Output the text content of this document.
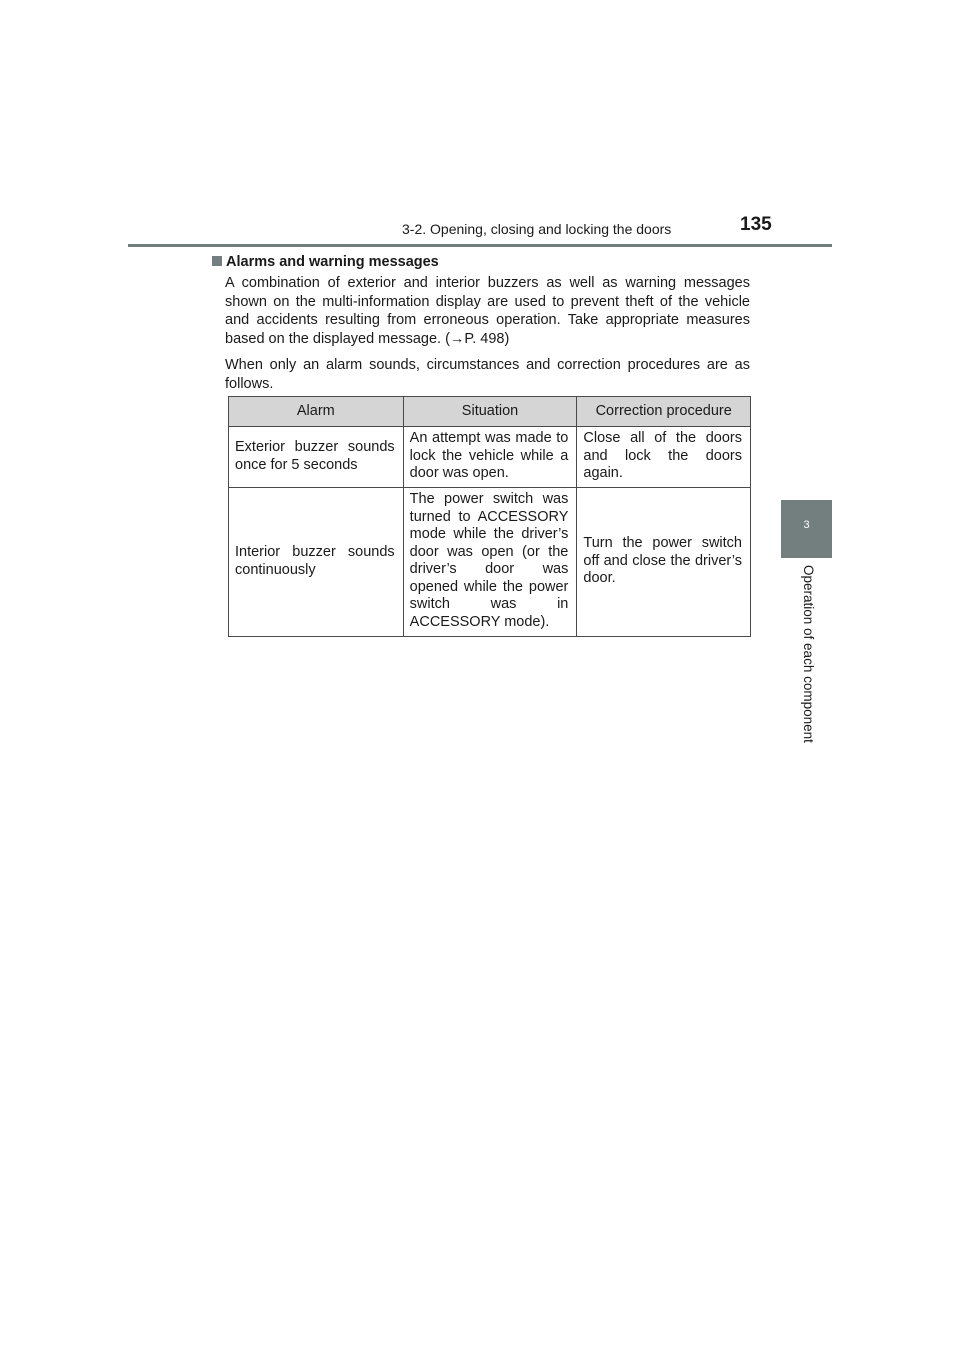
3-2. Opening, closing and locking the doors	135
3
Operation of each component
Alarms and warning messages

A combination of exterior and interior buzzers as well as warning messages shown on the multi-information display are used to prevent theft of the vehicle and accidents resulting from erroneous operation. Take appropriate measures based on the displayed message. (→P. 498)

When only an alarm sounds, circumstances and correction procedures are as follows.

Alarm	Situation	Correction procedure
Exterior buzzer sounds once for 5 seconds	An attempt was made to lock the vehicle while a door was open.	Close all of the doors and lock the doors again.
Interior buzzer sounds continuously	The power switch was turned to ACCESSORY mode while the driver’s door was open (or the driver’s door was opened while the power switch was in ACCESSORY mode).	Turn the power switch off and close the driver’s door.
